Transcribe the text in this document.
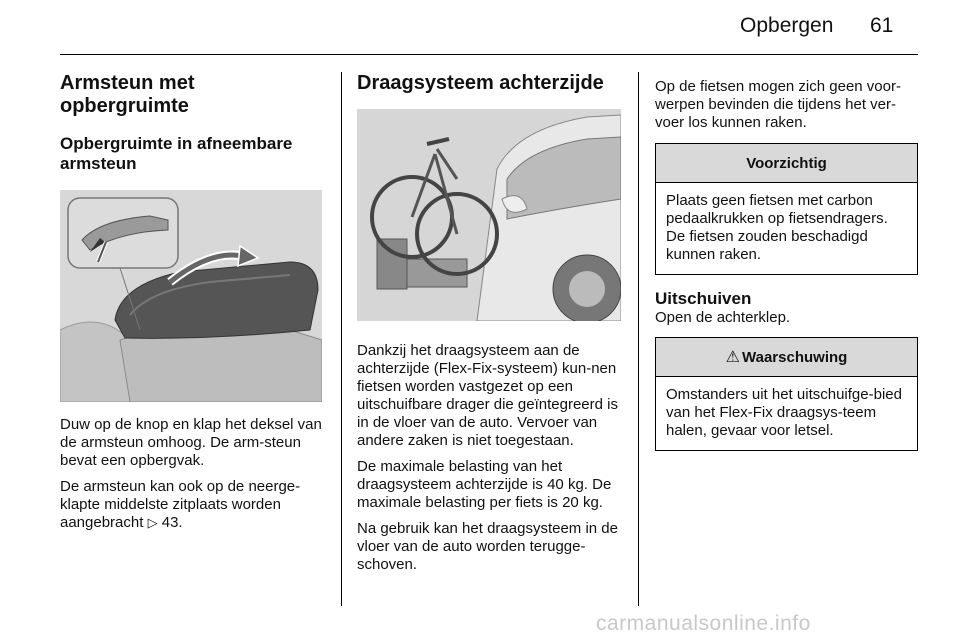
Opbergen 61
Armsteun met opbergruimte
Opbergruimte in afneembare armsteun

Duw op de knop en klap het deksel van de armsteun omhoog. De arm-steun bevat een opbergvak.

De armsteun kan ook op de neerge-klapte middelste zitplaats worden aangebracht ▷ 43.

Draagsysteem achterzijde

Dankzij het draagsysteem aan de achterzijde (Flex-Fix-systeem) kun-nen fietsen worden vastgezet op een uitschuifbare drager die geïntegreerd is in de vloer van de auto. Vervoer van andere zaken is niet toegestaan.

De maximale belasting van het draagsysteem achterzijde is 40 kg. De maximale belasting per fiets is 20 kg.

Na gebruik kan het draagsysteem in de vloer van de auto worden terugge-schoven.

Op de fietsen mogen zich geen voor-werpen bevinden die tijdens het ver-voer los kunnen raken.

Voorzichtig

Plaats geen fietsen met carbon pedaalkrukken op fietsendragers. De fietsen zouden beschadigd kunnen raken.

Uitschuiven

Open de achterklep.

⚠ Waarschuwing

Omstanders uit het uitschuifge-bied van het Flex-Fix draagsys-teem halen, gevaar voor letsel.

carmanualsonline.info
